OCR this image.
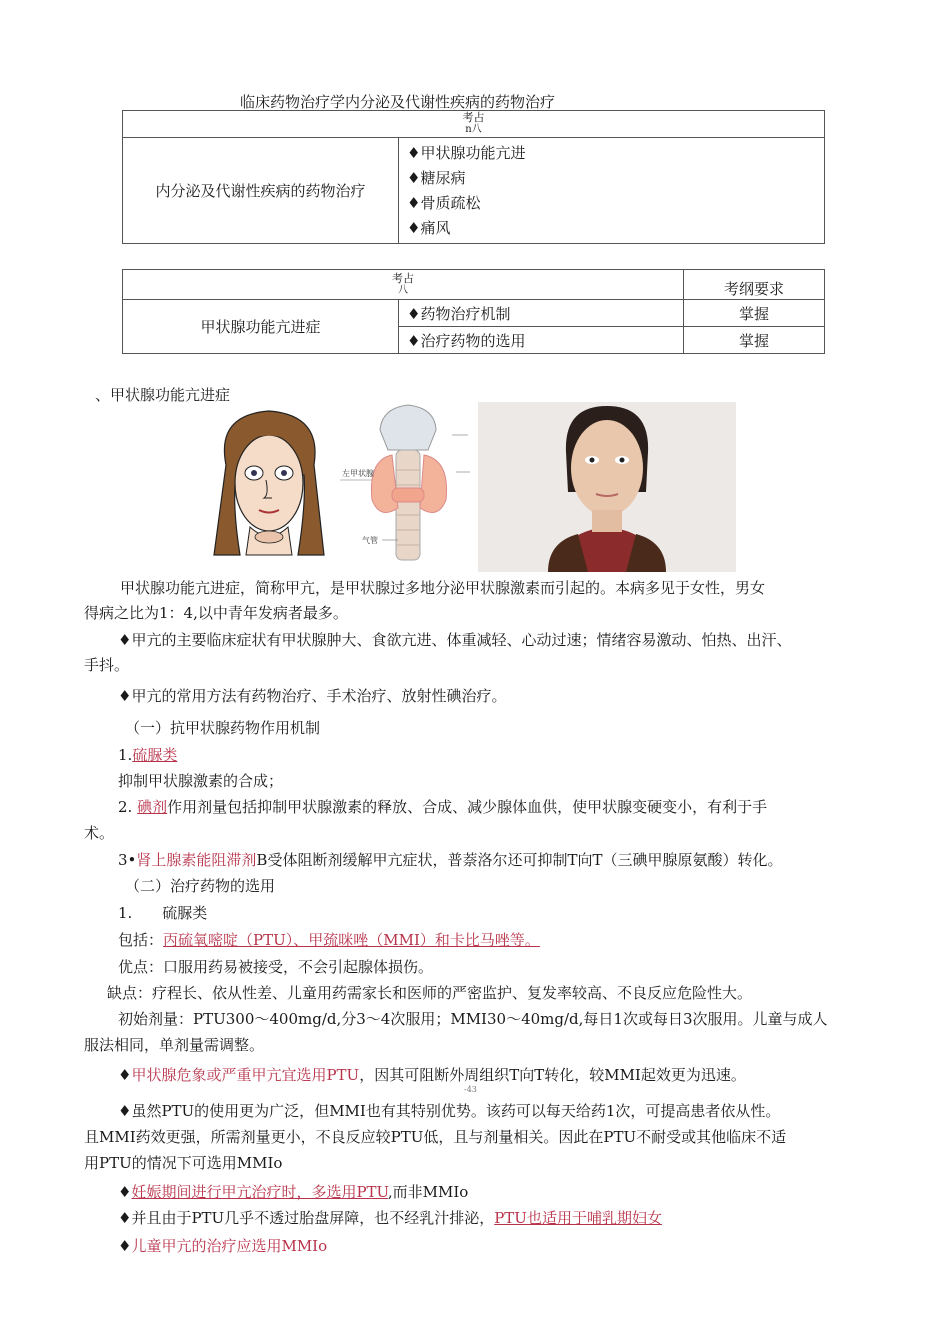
临床药物治疗学内分泌及代谢性疾病的药物治疗
考占
n八

内分泌及代谢性疾病的药物治疗	
♦甲状腺功能亢进
♦糖尿病
♦骨质疏松
♦痛风
考占
八		考纲要求
甲状腺功能亢进症	♦药物治疗机制	掌握
	♦治疗药物的选用	掌握
、甲状腺功能亢进症
左甲状腺
气管
甲状腺功能亢进症，简称甲亢，是甲状腺过多地分泌甲状腺激素而引起的。本病多见于女性，男女
得病之比为1：4,以中青年发病者最多。
♦甲亢的主要临床症状有甲状腺肿大、食欲亢进、体重减轻、心动过速；情绪容易激动、怕热、出汗、
手抖。
♦甲亢的常用方法有药物治疗、手术治疗、放射性碘治疗。
（一）抗甲状腺药物作用机制
1.硫脲类
抑制甲状腺激素的合成；
2. 碘剂作用剂量包括抑制甲状腺激素的释放、合成、减少腺体血供，使甲状腺变硬变小，有利于手
术。
3•肾上腺素能阻滞剂B受体阻断剂缓解甲亢症状，普萘洛尔还可抑制T向T（三碘甲腺原氨酸）转化。
（二）治疗药物的选用
1.　　硫脲类
包括：丙硫氧嘧啶（PTU）、甲巯咪唑（MMI）和卡比马唑等。
优点：口服用药易被接受，不会引起腺体损伤。
缺点：疗程长、依从性差、儿童用药需家长和医师的严密监护、复发率较高、不良反应危险性大。
初始剂量：PTU300～400mg/d,分3～4次服用；MMI30～40mg/d,每日1次或每日3次服用。儿童与成人
服法相同，单剂量需调整。
♦甲状腺危象或严重甲亢宜选用PTU，因其可阻断外周组织T向T转化，较MMI起效更为迅速。
-43
♦虽然PTU的使用更为广泛，但MMI也有其特别优势。该药可以每天给药1次，可提高患者依从性。
且MMI药效更强，所需剂量更小，不良反应较PTU低，且与剂量相关。因此在PTU不耐受或其他临床不适
用PTU的情况下可选用MMIo
♦妊娠期间进行甲亢治疗时，多选用PTU,而非MMIo
♦并且由于PTU几乎不透过胎盘屏障，也不经乳汁排泌，PTU也适用于哺乳期妇女
♦儿童甲亢的治疗应选用MMIo
